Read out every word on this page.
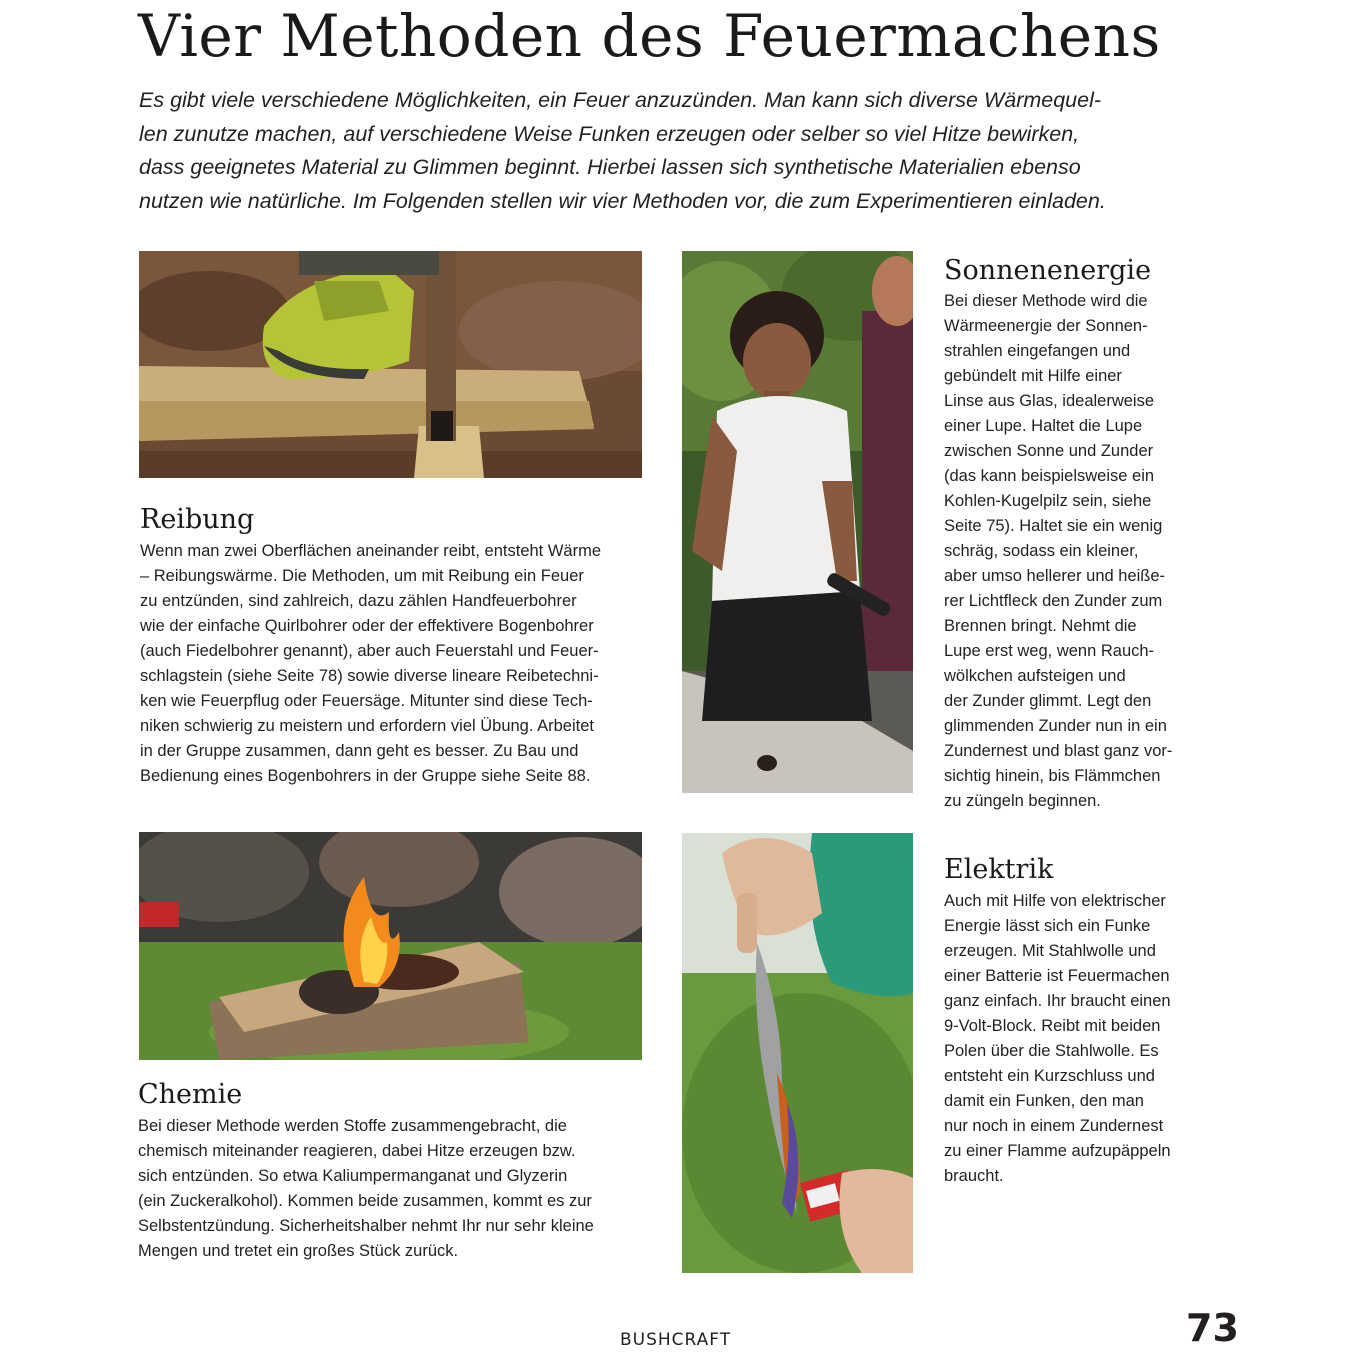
Vier Methoden des Feuermachens

Es gibt viele verschiedene Möglichkeiten, ein Feuer anzuzünden. Man kann sich diverse Wärmequel-

len zunutze machen, auf verschiedene Weise Funken erzeugen oder selber so viel Hitze bewirken,

dass geeignetes Material zu Glimmen beginnt. Hierbei lassen sich synthetische Materialien ebenso

nutzen wie natürliche. Im Folgenden stellen wir vier Methoden vor, die zum Experimentieren einladen.

Reibung

Wenn man zwei Oberflächen aneinander reibt, entsteht Wärme

– Reibungswärme. Die Methoden, um mit Reibung ein Feuer

zu entzünden, sind zahlreich, dazu zählen Handfeuerbohrer

wie der einfache Quirlbohrer oder der effektivere Bogenbohrer

(auch Fiedelbohrer genannt), aber auch Feuerstahl und Feuer-

schlagstein (siehe Seite 78) sowie diverse lineare Reibetechni-

ken wie Feuerpflug oder Feuersäge. Mitunter sind diese Tech-

niken schwierig zu meistern und erfordern viel Übung. Arbeitet

in der Gruppe zusammen, dann geht es besser. Zu Bau und

Bedienung eines Bogenbohrers in der Gruppe siehe Seite 88.

Sonnenenergie

Bei dieser Methode wird die

Wärmeenergie der Sonnen-

strahlen eingefangen und

gebündelt mit Hilfe einer

Linse aus Glas, idealerweise

einer Lupe. Haltet die Lupe

zwischen Sonne und Zunder

(das kann beispielsweise ein

Kohlen-Kugelpilz sein, siehe

Seite 75). Haltet sie ein wenig

schräg, sodass ein kleiner,

aber umso hellerer und heiße-

rer Lichtfleck den Zunder zum

Brennen bringt. Nehmt die

Lupe erst weg, wenn Rauch-

wölkchen aufsteigen und

der Zunder glimmt. Legt den

glimmenden Zunder nun in ein

Zundernest und blast ganz vor-

sichtig hinein, bis Flämmchen

zu züngeln beginnen.

Chemie

Bei dieser Methode werden Stoffe zusammengebracht, die

chemisch miteinander reagieren, dabei Hitze erzeugen bzw.

sich entzünden. So etwa Kaliumpermanganat und Glyzerin

(ein Zuckeralkohol). Kommen beide zusammen, kommt es zur

Selbstentzündung. Sicherheitshalber nehmt Ihr nur sehr kleine

Mengen und tretet ein großes Stück zurück.

Elektrik

Auch mit Hilfe von elektrischer

Energie lässt sich ein Funke

erzeugen. Mit Stahlwolle und

einer Batterie ist Feuermachen

ganz einfach. Ihr braucht einen

9-Volt-Block. Reibt mit beiden

Polen über die Stahlwolle. Es

entsteht ein Kurzschluss und

damit ein Funken, den man

nur noch in einem Zundernest

zu einer Flamme aufzupäppeln

braucht.

BUSHCRAFT	73
